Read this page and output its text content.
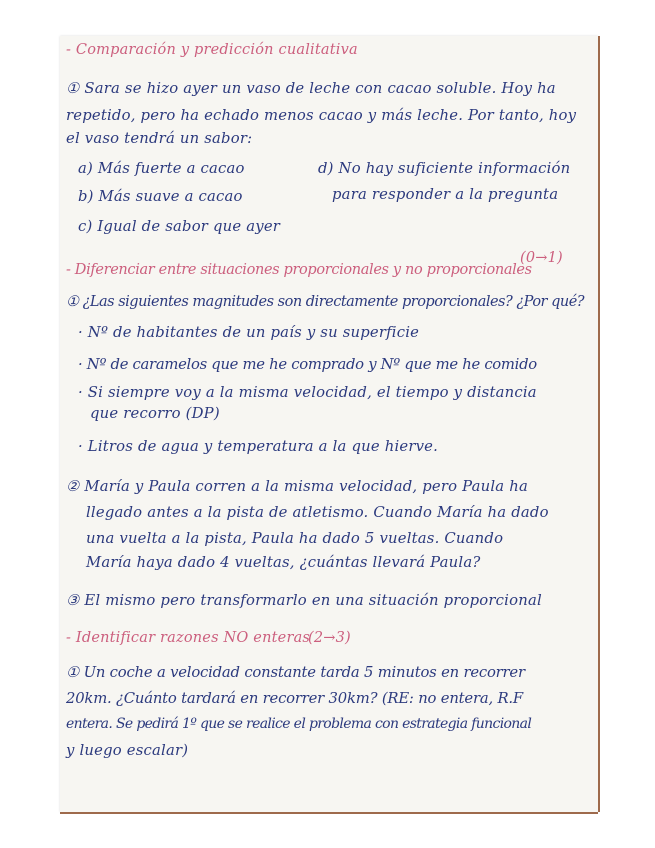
- Comparación y predicción cualitativa
① Sara se hizo ayer un vaso de leche con cacao soluble. Hoy ha
repetido, pero ha echado menos cacao y más leche. Por tanto, hoy
el vaso tendrá un sabor:
a) Más fuerte a cacao
b) Más suave a cacao
c) Igual de sabor que ayer
d) No hay suficiente información
para responder a la pregunta
(0→1)
- Diferenciar entre situaciones proporcionales y no proporcionales
① ¿Las siguientes magnitudes son directamente proporcionales? ¿Por qué?
· Nº de habitantes de un país y su superficie
· Nº de caramelos que me he comprado y Nº que me he comido
· Si siempre voy a la misma velocidad, el tiempo y distancia
que recorro (DP)
· Litros de agua y temperatura a la que hierve.
② María y Paula corren a la misma velocidad, pero Paula ha
llegado antes a la pista de atletismo. Cuando María ha dado
una vuelta a la pista, Paula ha dado 5 vueltas. Cuando
María haya dado 4 vueltas, ¿cuántas llevará Paula?
③ El mismo pero transformarlo en una situación proporcional
- Identificar razones NO enteras
(2→3)
① Un coche a velocidad constante tarda 5 minutos en recorrer
20km. ¿Cuánto tardará en recorrer 30km? (RE: no entera, R.F
entera. Se pedirá 1º que se realice el problema con estrategia funcional
y luego escalar)
